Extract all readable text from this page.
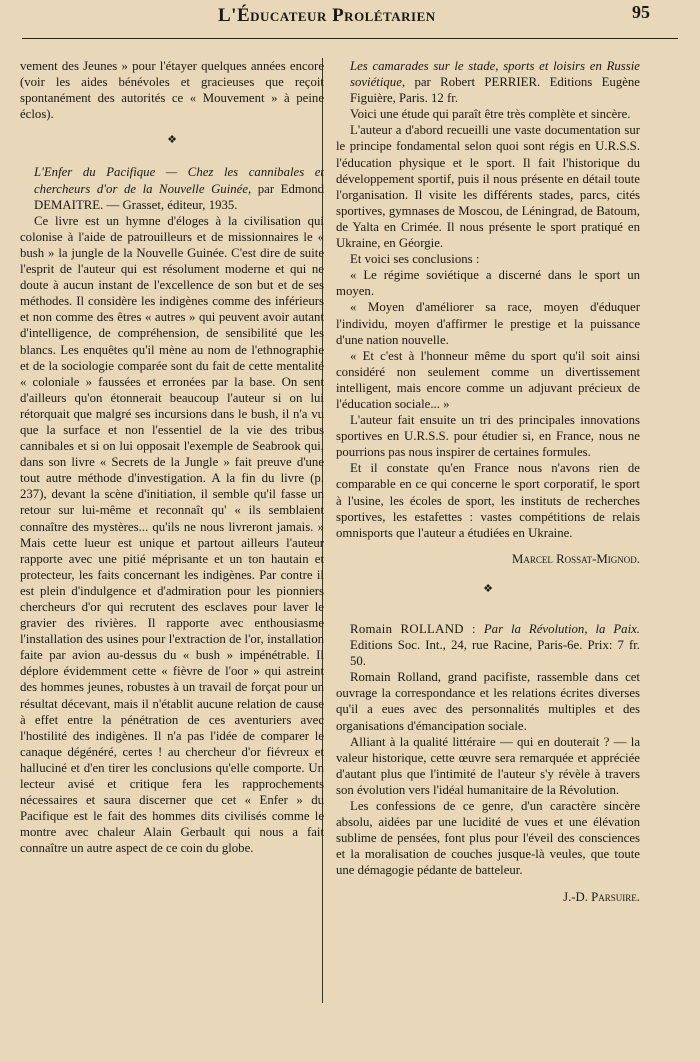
L'Éducateur Prolétarien	95

vement des Jeunes » pour l'étayer quelques années encore (voir les aides bénévoles et gracieuses que reçoit spontanément des autorités ce « Mouvement » à peine éclos).

❖

L'Enfer du Pacifique — Chez les cannibales et chercheurs d'or de la Nouvelle Guinée, par Edmond DEMAITRE. — Grasset, éditeur, 1935.

Ce livre est un hymne d'éloges à la civilisation qui colonise à l'aide de patrouilleurs et de missionnaires le « bush » la jungle de la Nouvelle Guinée. C'est dire de suite l'esprit de l'auteur qui est résolument moderne et qui ne doute à aucun instant de l'excellence de son but et de ses méthodes. Il considère les indigènes comme des inférieurs et non comme des êtres « autres » qui peuvent avoir autant d'intelligence, de compréhension, de sensibilité que les blancs. Les enquêtes qu'il mène au nom de l'ethnographie et de la sociologie comparée sont du fait de cette mentalité « coloniale » faussées et erronées par la base. On sent d'ailleurs qu'on étonnerait beaucoup l'auteur si on lui rétorquait que malgré ses incursions dans le bush, il n'a vu que la surface et non l'essentiel de la vie des tribus cannibales et si on lui opposait l'exemple de Seabrook qui, dans son livre « Secrets de la Jungle » fait preuve d'une tout autre méthode d'investigation. A la fin du livre (p. 237), devant la scène d'initiation, il semble qu'il fasse un retour sur lui-même et reconnaît qu' « ils semblaient connaître des mystères... qu'ils ne nous livreront jamais. » Mais cette lueur est unique et partout ailleurs l'auteur rapporte avec une pitié méprisante et un ton hautain et protecteur, les faits concernant les indigènes. Par contre il est plein d'indulgence et d'admiration pour les pionniers chercheurs d'or qui recrutent des esclaves pour laver le gravier des rivières. Il rapporte avec enthousiasme l'installation des usines pour l'extraction de l'or, installation faite par avion au-dessus du « bush » impénétrable. Il déplore évidemment cette « fièvre de l'oor » qui astreint des hommes jeunes, robustes à un travail de forçat pour un résultat décevant, mais il n'établit aucune relation de cause à effet entre la pénétration de ces aventuriers avec l'hostilité des indigènes. Il n'a pas l'idée de comparer le canaque dégénéré, certes ! au chercheur d'or fiévreux et halluciné et d'en tirer les conclusions qu'elle comporte. Un lecteur avisé et critique fera les rapprochements nécessaires et saura discerner que cet « Enfer » du Pacifique est le fait des hommes dits civilisés comme le montre avec chaleur Alain Gerbault qui nous a fait connaître un autre aspect de ce coin du globe.

Les camarades sur le stade, sports et loisirs en Russie soviétique, par Robert PERRIER. Editions Eugène Figuière, Paris. 12 fr.

Voici une étude qui paraît être très complète et sincère.

L'auteur a d'abord recueilli une vaste documentation sur le principe fondamental selon quoi sont régis en U.R.S.S. l'éducation physique et le sport. Il fait l'historique du développement sportif, puis il nous présente en détail toute l'organisation. Il visite les différents stades, parcs, cités sportives, gymnases de Moscou, de Léningrad, de Batoum, de Yalta en Crimée. Il nous présente le sport pratiqué en Ukraine, en Géorgie.

Et voici ses conclusions :

« Le régime soviétique a discerné dans le sport un moyen.

« Moyen d'améliorer sa race, moyen d'éduquer l'individu, moyen d'affirmer le prestige et la puissance d'une nation nouvelle.

« Et c'est à l'honneur même du sport qu'il soit ainsi considéré non seulement comme un divertissement intelligent, mais encore comme un adjuvant précieux de l'éducation sociale... »

L'auteur fait ensuite un tri des principales innovations sportives en U.R.S.S. pour étudier si, en France, nous ne pourrions pas nous inspirer de certaines formules.

Et il constate qu'en France nous n'avons rien de comparable en ce qui concerne le sport corporatif, le sport à l'usine, les écoles de sport, les instituts de recherches sportives, les estafettes : vastes compétitions de relais omnisports que l'auteur a étudiées en Ukraine.

Marcel Rossat-Mignod.
❖

Romain ROLLAND : Par la Révolution, la Paix. Editions Soc. Int., 24, rue Racine, Paris-6e. Prix: 7 fr. 50.

Romain Rolland, grand pacifiste, rassemble dans cet ouvrage la correspondance et les relations écrites diverses qu'il a eues avec des personnalités multiples et des organisations d'émancipation sociale.

Alliant à la qualité littéraire — qui en douterait ? — la valeur historique, cette œuvre sera remarquée et appréciée d'autant plus que l'intimité de l'auteur s'y révèle à travers son évolution vers l'idéal humanitaire de la Révolution.

Les confessions de ce genre, d'un caractère sincère absolu, aidées par une lucidité de vues et une élévation sublime de pensées, font plus pour l'éveil des consciences et la moralisation de couches jusque-là veules, que toute une démagogie pédante de batteleur.

J.-D. Parsuire.
